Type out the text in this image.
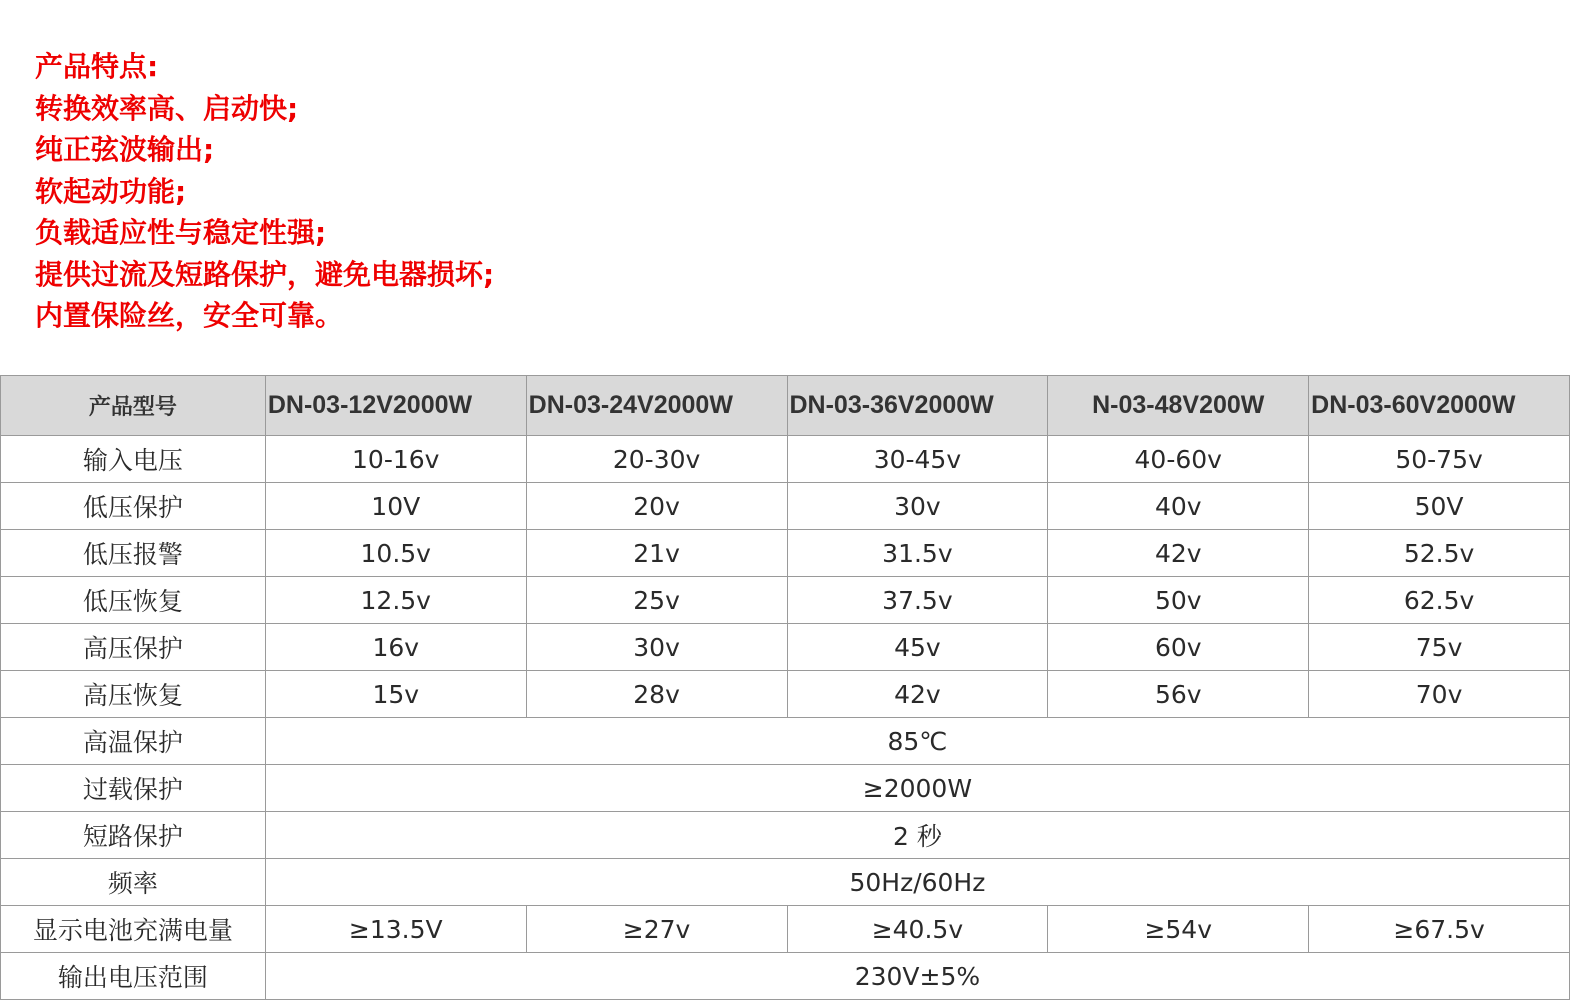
产品特点:
转换效率高、启动快;
纯正弦波输出;
软起动功能;
负载适应性与稳定性强;
提供过流及短路保护，避免电器损坏;
内置保险丝，安全可靠。
产品型号	DN-03-12V2000W	DN-03-24V2000W	DN-03-36V2000W	N-03-48V200W	DN-03-60V2000W
输入电压	10-16v	20-30v	30-45v	40-60v	50-75v
低压保护	10V	20v	30v	40v	50V
低压报警	10.5v	21v	31.5v	42v	52.5v
低压恢复	12.5v	25v	37.5v	50v	62.5v
高压保护	16v	30v	45v	60v	75v
高压恢复	15v	28v	42v	56v	70v
高温保护	85℃				
过载保护	≥2000W				
短路保护	2 秒				
频率	50Hz/60Hz				
显示电池充满电量	≥13.5V	≥27v	≥40.5v	≥54v	≥67.5v
输出电压范围	230V±5%				
